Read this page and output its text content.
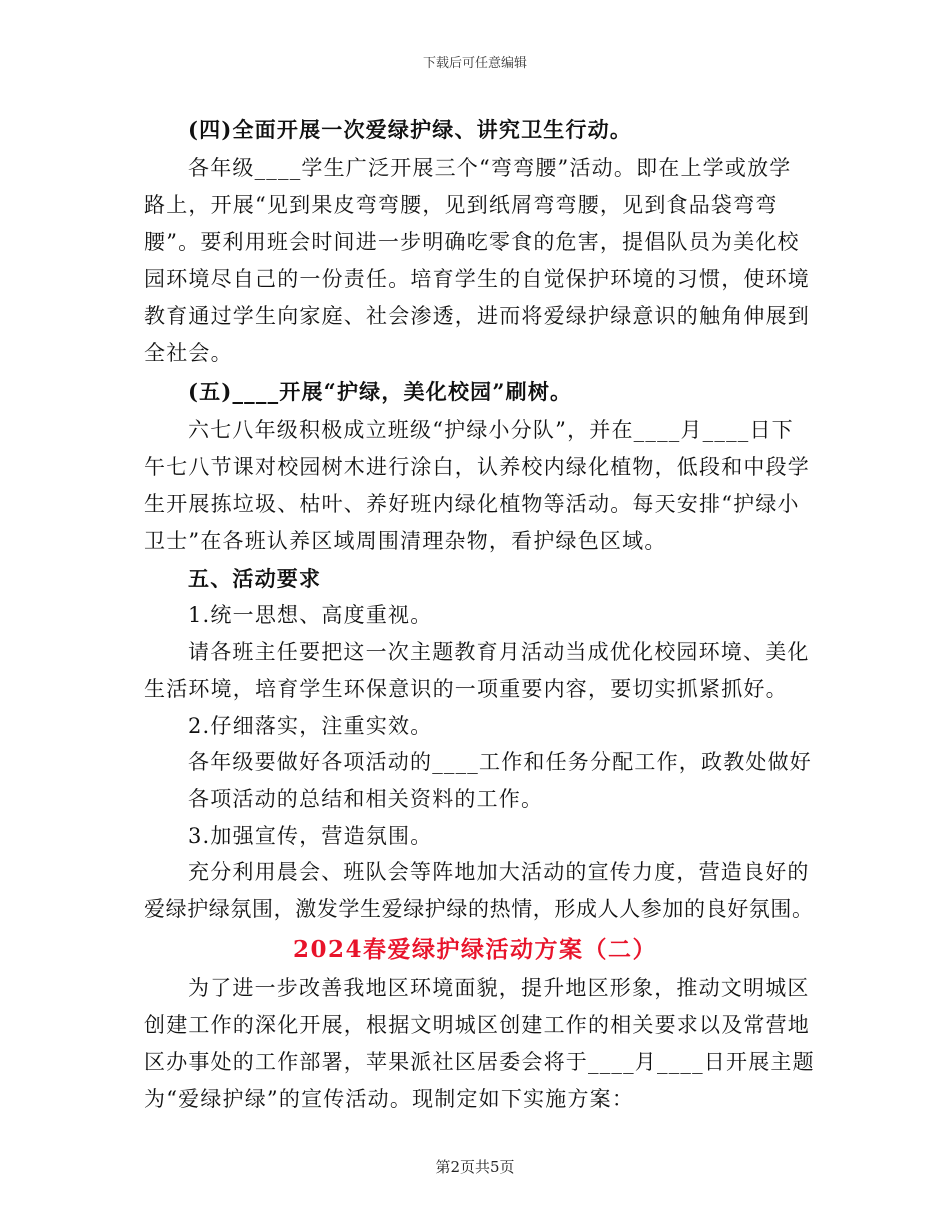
下载后可任意编辑
(四)全面开展一次爱绿护绿、讲究卫生行动。
各年级____学生广泛开展三个“弯弯腰”活动。即在上学或放学
路上，开展“见到果皮弯弯腰，见到纸屑弯弯腰，见到食品袋弯弯
腰”。要利用班会时间进一步明确吃零食的危害，提倡队员为美化校
园环境尽自己的一份责任。培育学生的自觉保护环境的习惯，使环境
教育通过学生向家庭、社会渗透，进而将爱绿护绿意识的触角伸展到
全社会。
(五)____开展“护绿，美化校园”刷树。
六七八年级积极成立班级“护绿小分队”，并在____月____日下
午七八节课对校园树木进行涂白，认养校内绿化植物，低段和中段学
生开展拣垃圾、枯叶、养好班内绿化植物等活动。每天安排“护绿小
卫士”在各班认养区域周围清理杂物，看护绿色区域。
五、活动要求
1.统一思想、高度重视。
请各班主任要把这一次主题教育月活动当成优化校园环境、美化
生活环境，培育学生环保意识的一项重要内容，要切实抓紧抓好。
2.仔细落实，注重实效。
各年级要做好各项活动的____工作和任务分配工作，政教处做好
各项活动的总结和相关资料的工作。
3.加强宣传，营造氛围。
充分利用晨会、班队会等阵地加大活动的宣传力度，营造良好的
爱绿护绿氛围，激发学生爱绿护绿的热情，形成人人参加的良好氛围。
2024春爱绿护绿活动方案（二）
为了进一步改善我地区环境面貌，提升地区形象，推动文明城区
创建工作的深化开展，根据文明城区创建工作的相关要求以及常营地
区办事处的工作部署，苹果派社区居委会将于____月____日开展主题
为“爱绿护绿”的宣传活动。现制定如下实施方案：
第2页共5页
